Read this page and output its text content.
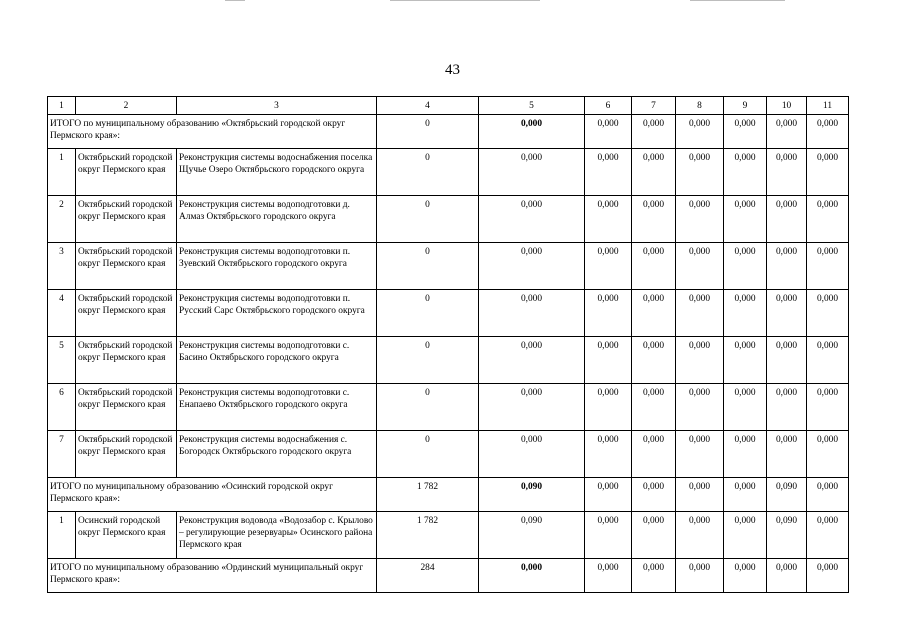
43
1	2	3	4	5	6	7	8	9	10	11
ИТОГО по муниципальному образованию «Октябрьский городской округ Пермского края»:			0	0,000	0,000	0,000	0,000	0,000	0,000	0,000
1	Октябрьский городской округ Пермского края	Реконструкция системы водоснабжения поселка Щучье Озеро Октябрьского городского округа	0	0,000	0,000	0,000	0,000	0,000	0,000	0,000
2	Октябрьский городской округ Пермского края	Реконструкция системы водоподготовки д. Алмаз Октябрьского городского округа	0	0,000	0,000	0,000	0,000	0,000	0,000	0,000
3	Октябрьский городской округ Пермского края	Реконструкция системы водоподготовки п. Зуевский Октябрьского городского округа	0	0,000	0,000	0,000	0,000	0,000	0,000	0,000
4	Октябрьский городской округ Пермского края	Реконструкция системы водоподготовки п. Русский Сарс Октябрьского городского округа	0	0,000	0,000	0,000	0,000	0,000	0,000	0,000
5	Октябрьский городской округ Пермского края	Реконструкция системы водоподготовки с. Басино Октябрьского городского округа	0	0,000	0,000	0,000	0,000	0,000	0,000	0,000
6	Октябрьский городской округ Пермского края	Реконструкция системы водоподготовки с. Енапаево Октябрьского городского округа	0	0,000	0,000	0,000	0,000	0,000	0,000	0,000
7	Октябрьский городской округ Пермского края	Реконструкция системы водоснабжения с. Богородск Октябрьского городского округа	0	0,000	0,000	0,000	0,000	0,000	0,000	0,000
ИТОГО по муниципальному образованию «Осинский городской округ Пермского края»:			1 782	0,090	0,000	0,000	0,000	0,000	0,090	0,000
1	Осинский городской округ Пермского края	Реконструкция водовода «Водозабор с. Крылово – регулирующие резервуары» Осинского района Пермского края	1 782	0,090	0,000	0,000	0,000	0,000	0,090	0,000
ИТОГО по муниципальному образованию «Ординский муниципальный округ Пермского края»:			284	0,000	0,000	0,000	0,000	0,000	0,000	0,000
